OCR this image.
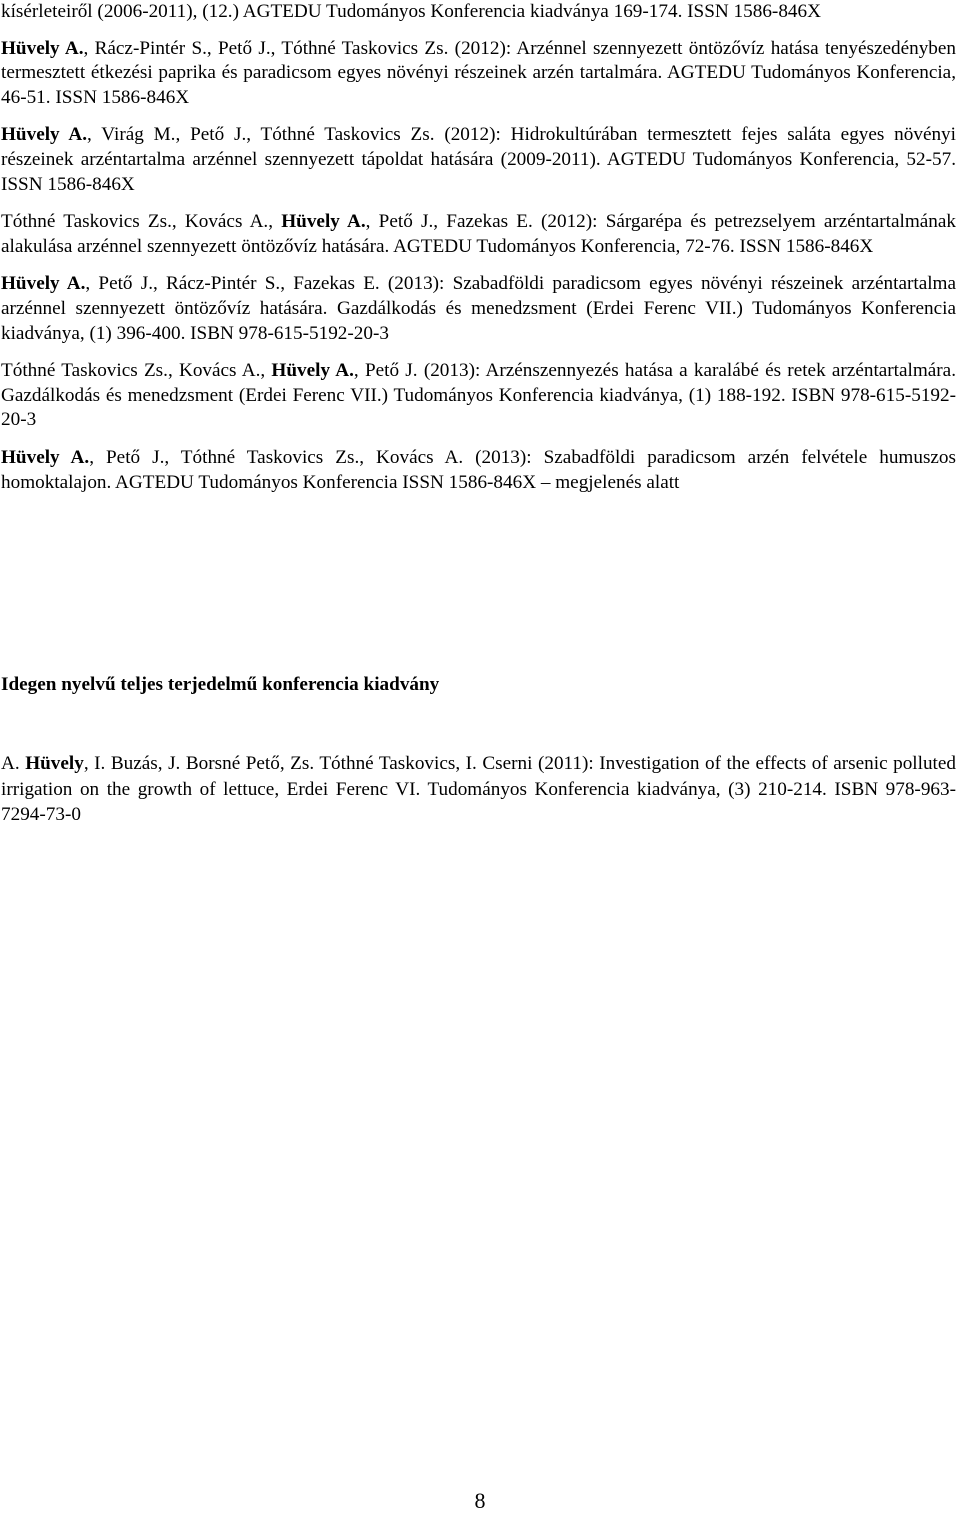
kísérleteiről (2006-2011), (12.) AGTEDU Tudományos Konferencia kiadványa 169-174. ISSN 1586-846X

Hüvely A., Rácz-Pintér S., Pető J., Tóthné Taskovics Zs. (2012): Arzénnel szennyezett öntözővíz hatása tenyészedényben termesztett étkezési paprika és paradicsom egyes növényi részeinek arzén tartalmára. AGTEDU Tudományos Konferencia, 46-51. ISSN 1586-846X

Hüvely A., Virág M., Pető J., Tóthné Taskovics Zs. (2012): Hidrokultúrában termesztett fejes saláta egyes növényi részeinek arzéntartalma arzénnel szennyezett tápoldat hatására (2009-2011). AGTEDU Tudományos Konferencia, 52-57. ISSN 1586-846X

Tóthné Taskovics Zs., Kovács A., Hüvely A., Pető J., Fazekas E. (2012): Sárgarépa és petrezselyem arzéntartalmának alakulása arzénnel szennyezett öntözővíz hatására. AGTEDU Tudományos Konferencia, 72-76. ISSN 1586-846X

Hüvely A., Pető J., Rácz-Pintér S., Fazekas E. (2013): Szabadföldi paradicsom egyes növényi részeinek arzéntartalma arzénnel szennyezett öntözővíz hatására. Gazdálkodás és menedzsment (Erdei Ferenc VII.) Tudományos Konferencia kiadványa, (1) 396-400. ISBN 978-615-5192-20-3

Tóthné Taskovics Zs., Kovács A., Hüvely A., Pető J. (2013): Arzénszennyezés hatása a karalábé és retek arzéntartalmára. Gazdálkodás és menedzsment (Erdei Ferenc VII.) Tudományos Konferencia kiadványa, (1) 188-192. ISBN 978-615-5192-20-3

Hüvely A., Pető J., Tóthné Taskovics Zs., Kovács A. (2013): Szabadföldi paradicsom arzén felvétele humuszos homoktalajon. AGTEDU Tudományos Konferencia ISSN 1586-846X – megjelenés alatt

Idegen nyelvű teljes terjedelmű konferencia kiadvány

A. Hüvely, I. Buzás, J. Borsné Pető, Zs. Tóthné Taskovics, I. Cserni (2011): Investigation of the effects of arsenic polluted irrigation on the growth of lettuce, Erdei Ferenc VI. Tudományos Konferencia kiadványa, (3) 210-214. ISBN 978-963-7294-73-0

8
